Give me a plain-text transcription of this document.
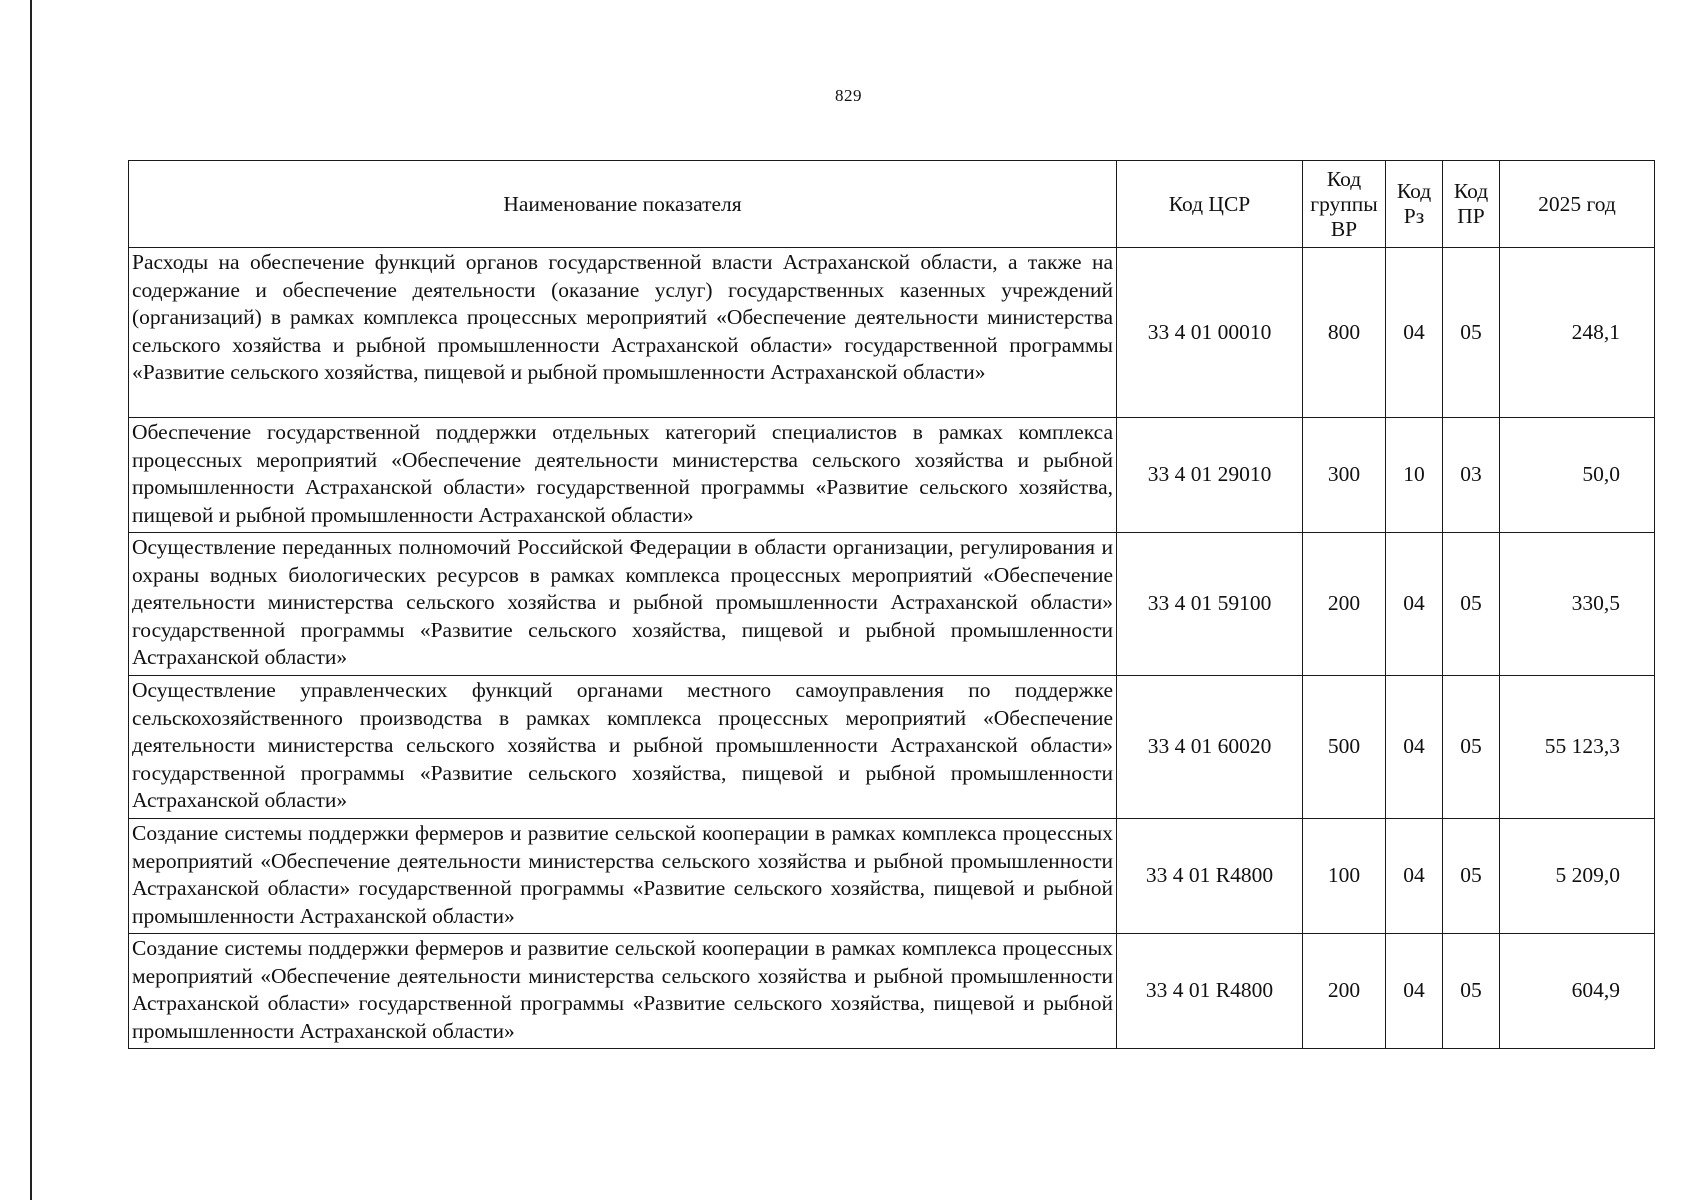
829
Наименование показателя	Код ЦСР	Код группы ВР	Код Рз	Код ПР	2025 год
Расходы на обеспечение функций органов государственной власти Астраханской области, а также на содержание и обеспечение деятельности (оказание услуг) государственных казенных учреждений (организаций) в рамках комплекса процессных мероприятий «Обеспечение деятельности министерства сельского хозяйства и рыбной промышленности Астраханской области» государственной программы «Развитие сельского хозяйства, пищевой и рыбной промышленности Астраханской области»	33 4 01 00010	800	04	05	248,1
Обеспечение государственной поддержки отдельных категорий специалистов в рамках комплекса процессных мероприятий «Обеспечение деятельности министерства сельского хозяйства и рыбной промышленности Астраханской области» государственной программы «Развитие сельского хозяйства, пищевой и рыбной промышленности Астраханской области»	33 4 01 29010	300	10	03	50,0
Осуществление переданных полномочий Российской Федерации в области организации, регулирования и охраны водных биологических ресурсов в рамках комплекса процессных мероприятий «Обеспечение деятельности министерства сельского хозяйства и рыбной промышленности Астраханской области» государственной программы «Развитие сельского хозяйства, пищевой и рыбной промышленности Астраханской области»	33 4 01 59100	200	04	05	330,5
Осуществление управленческих функций органами местного самоуправления по поддержке сельскохозяйственного производства в рамках комплекса процессных мероприятий «Обеспечение деятельности министерства сельского хозяйства и рыбной промышленности Астраханской области» государственной программы «Развитие сельского хозяйства, пищевой и рыбной промышленности Астраханской области»	33 4 01 60020	500	04	05	55 123,3
Создание системы поддержки фермеров и развитие сельской кооперации в рамках комплекса процессных мероприятий «Обеспечение деятельности министерства сельского хозяйства и рыбной промышленности Астраханской области» государственной программы «Развитие сельского хозяйства, пищевой и рыбной промышленности Астраханской области»	33 4 01 R4800	100	04	05	5 209,0
Создание системы поддержки фермеров и развитие сельской кооперации в рамках комплекса процессных мероприятий «Обеспечение деятельности министерства сельского хозяйства и рыбной промышленности Астраханской области» государственной программы «Развитие сельского хозяйства, пищевой и рыбной промышленности Астраханской области»	33 4 01 R4800	200	04	05	604,9
